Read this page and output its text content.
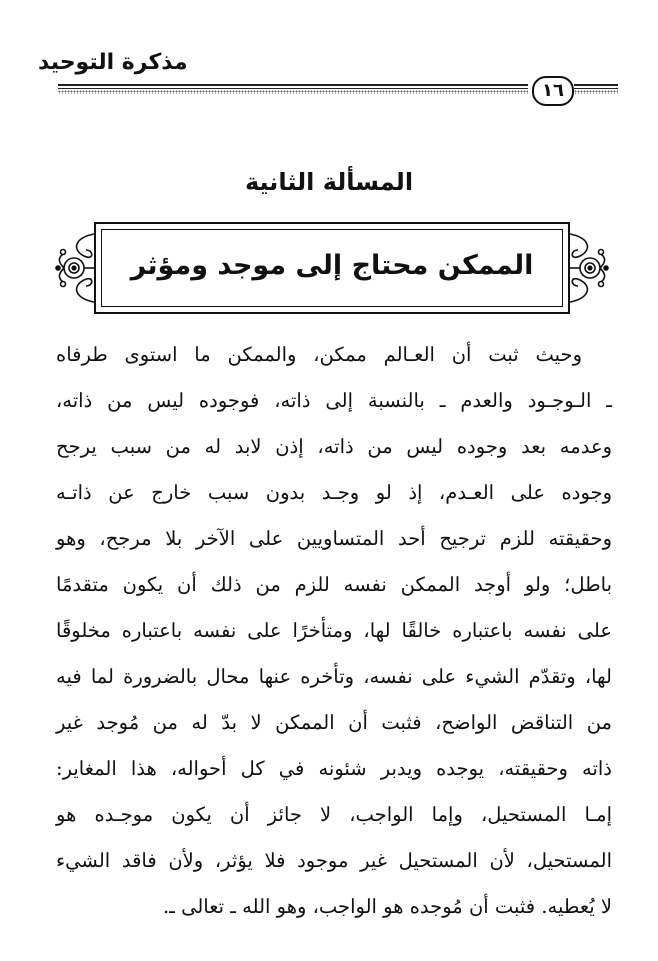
مذكرة التوحيد
١٦
المسألة الثانية
الممكن محتاج إلى موجد ومؤثر
وحيث ثبت أن العـالم ممكن، والممكن ما استوى طرفاه
ـ الـوجـود والعدم ـ بالنسبة إلى ذاته، فوجوده ليس من ذاته،
وعدمه بعد وجوده ليس من ذاته، إذن لابد له من سبب يرجح
وجوده على العـدم، إذ لو وجـد بدون سبب خارج عن ذاتـه
وحقيقته للزم ترجيح أحد المتساويين على الآخر بلا مرجح، وهو
باطل؛ ولو أوجد الممكن نفسه للزم من ذلك أن يكون متقدمًا
على نفسه باعتباره خالقًا لها، ومتأخرًا على نفسه باعتباره مخلوقًا
لها، وتقدّم الشيء على نفسه، وتأخره عنها محال بالضرورة لما فيه
من التناقض الواضح، فثبت أن الممكن لا بدّ له من مُوجد غير
ذاته وحقيقته، يوجده ويدبر شئونه في كل أحواله، هذا المغاير:
إمـا المستحيل، وإما الواجب، لا جائز أن يكون موجـده هو
المستحيل، لأن المستحيل غير موجود فلا يؤثر، ولأن فاقد الشيء
لا يُعطيه. فثبت أن مُوجده هو الواجب، وهو الله ـ تعالى ـ.
